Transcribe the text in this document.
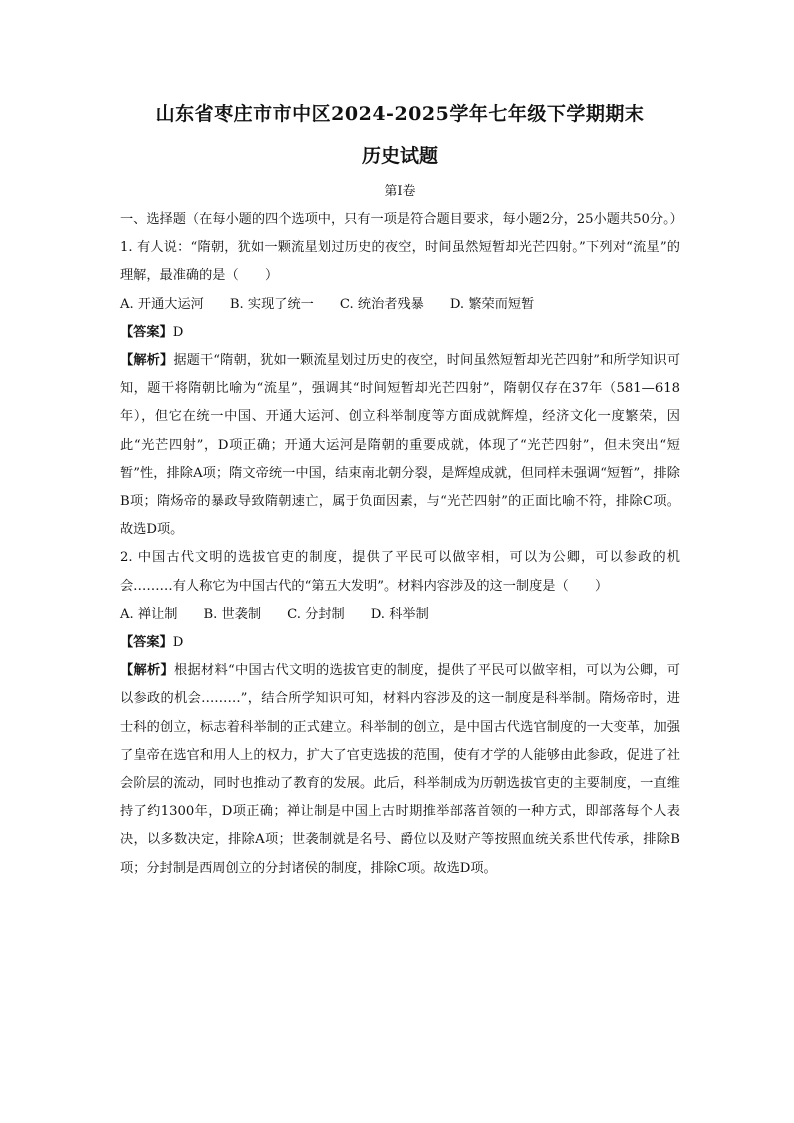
山东省枣庄市市中区2024-2025学年七年级下学期期末
历史试题
第I卷

一、选择题（在每小题的四个选项中，只有一项是符合题目要求，每小题2分，25小题共50分。）

1. 有人说：“隋朝，犹如一颗流星划过历史的夜空，时间虽然短暂却光芒四射。”下列对“流星”的理解，最准确的是（　　）

A. 开通大运河 B. 实现了统一 C. 统治者残暴 D. 繁荣而短暂

【答案】D

【解析】据题干“隋朝，犹如一颗流星划过历史的夜空，时间虽然短暂却光芒四射”和所学知识可知，题干将隋朝比喻为“流星”，强调其“时间短暂却光芒四射”，隋朝仅存在37年（581—618年），但它在统一中国、开通大运河、创立科举制度等方面成就辉煌，经济文化一度繁荣，因此“光芒四射”，D项正确；开通大运河是隋朝的重要成就，体现了“光芒四射”，但未突出“短暂”性，排除A项；隋文帝统一中国，结束南北朝分裂，是辉煌成就，但同样未强调“短暂”，排除B项；隋炀帝的暴政导致隋朝速亡，属于负面因素，与“光芒四射”的正面比喻不符，排除C项。故选D项。

2. 中国古代文明的选拔官吏的制度，提供了平民可以做宰相，可以为公卿，可以参政的机会………有人称它为中国古代的“第五大发明”。材料内容涉及的这一制度是（　　）

A. 禅让制 B. 世袭制 C. 分封制 D. 科举制

【答案】D

【解析】根据材料“中国古代文明的选拔官吏的制度，提供了平民可以做宰相，可以为公卿，可以参政的机会………”，结合所学知识可知，材料内容涉及的这一制度是科举制。隋炀帝时，进士科的创立，标志着科举制的正式建立。科举制的创立，是中国古代选官制度的一大变革，加强了皇帝在选官和用人上的权力，扩大了官吏选拔的范围，使有才学的人能够由此参政，促进了社会阶层的流动，同时也推动了教育的发展。此后，科举制成为历朝选拔官吏的主要制度，一直维持了约1300年，D项正确；禅让制是中国上古时期推举部落首领的一种方式，即部落每个人表决，以多数决定，排除A项；世袭制就是名号、爵位以及财产等按照血统关系世代传承，排除B项；分封制是西周创立的分封诸侯的制度，排除C项。故选D项。
